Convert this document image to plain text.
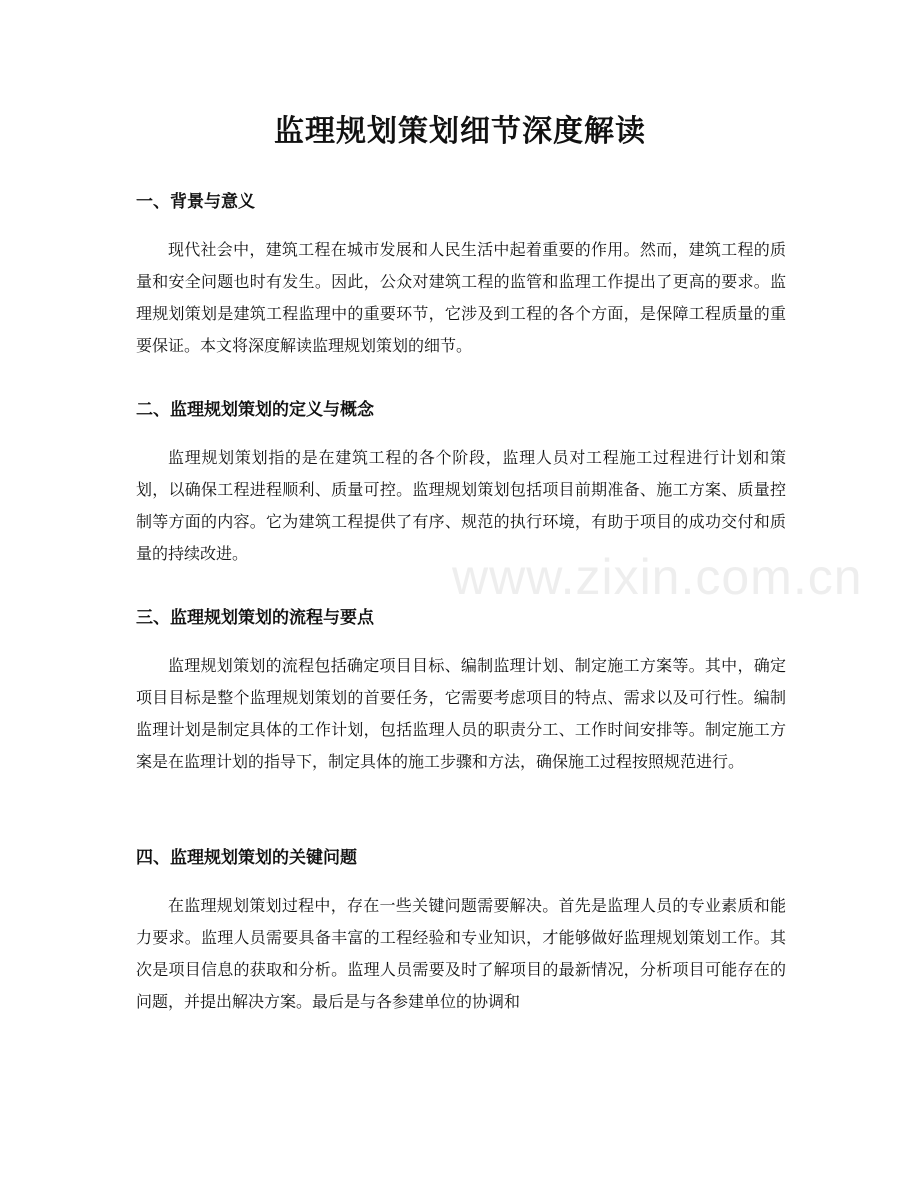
监理规划策划细节深度解读
一、背景与意义

现代社会中，建筑工程在城市发展和人民生活中起着重要的作用。然而，建筑工程的质量和安全问题也时有发生。因此，公众对建筑工程的监管和监理工作提出了更高的要求。监理规划策划是建筑工程监理中的重要环节，它涉及到工程的各个方面，是保障工程质量的重要保证。本文将深度解读监理规划策划的细节。

二、监理规划策划的定义与概念

监理规划策划指的是在建筑工程的各个阶段，监理人员对工程施工过程进行计划和策划，以确保工程进程顺利、质量可控。监理规划策划包括项目前期准备、施工方案、质量控制等方面的内容。它为建筑工程提供了有序、规范的执行环境，有助于项目的成功交付和质量的持续改进。

三、监理规划策划的流程与要点

监理规划策划的流程包括确定项目目标、编制监理计划、制定施工方案等。其中，确定项目目标是整个监理规划策划的首要任务，它需要考虑项目的特点、需求以及可行性。编制监理计划是制定具体的工作计划，包括监理人员的职责分工、工作时间安排等。制定施工方案是在监理计划的指导下，制定具体的施工步骤和方法，确保施工过程按照规范进行。

四、监理规划策划的关键问题

在监理规划策划过程中，存在一些关键问题需要解决。首先是监理人员的专业素质和能力要求。监理人员需要具备丰富的工程经验和专业知识，才能够做好监理规划策划工作。其次是项目信息的获取和分析。监理人员需要及时了解项目的最新情况，分析项目可能存在的问题，并提出解决方案。最后是与各参建单位的协调和

www.zixin.com.cn
